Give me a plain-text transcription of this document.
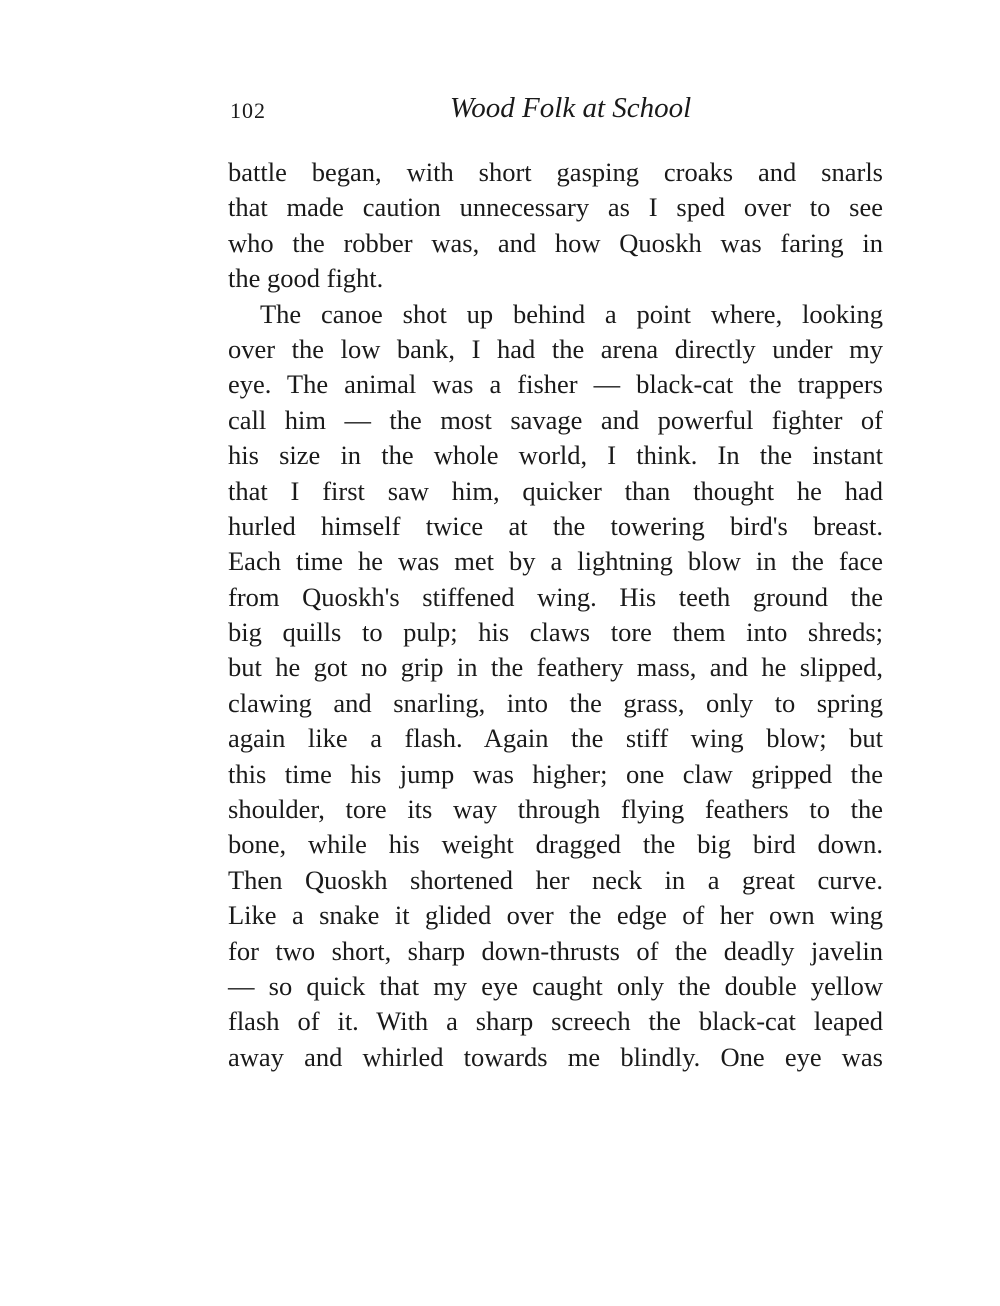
102	Wood Folk at School
battle began, with short gasping croaks and snarls
that made caution unnecessary as I sped over to see
who the robber was, and how Quoskh was faring in
the good fight.
The canoe shot up behind a point where, looking
over the low bank, I had the arena directly under my
eye. The animal was a fisher — black-cat the trappers
call him — the most savage and powerful fighter of
his size in the whole world, I think. In the instant
that I first saw him, quicker than thought he had
hurled himself twice at the towering bird's breast.
Each time he was met by a lightning blow in the face
from Quoskh's stiffened wing. His teeth ground the
big quills to pulp; his claws tore them into shreds;
but he got no grip in the feathery mass, and he slipped,
clawing and snarling, into the grass, only to spring
again like a flash. Again the stiff wing blow; but
this time his jump was higher; one claw gripped the
shoulder, tore its way through flying feathers to the
bone, while his weight dragged the big bird down.
Then Quoskh shortened her neck in a great curve.
Like a snake it glided over the edge of her own wing
for two short, sharp down-thrusts of the deadly javelin
— so quick that my eye caught only the double yellow
flash of it. With a sharp screech the black-cat leaped
away and whirled towards me blindly. One eye was
